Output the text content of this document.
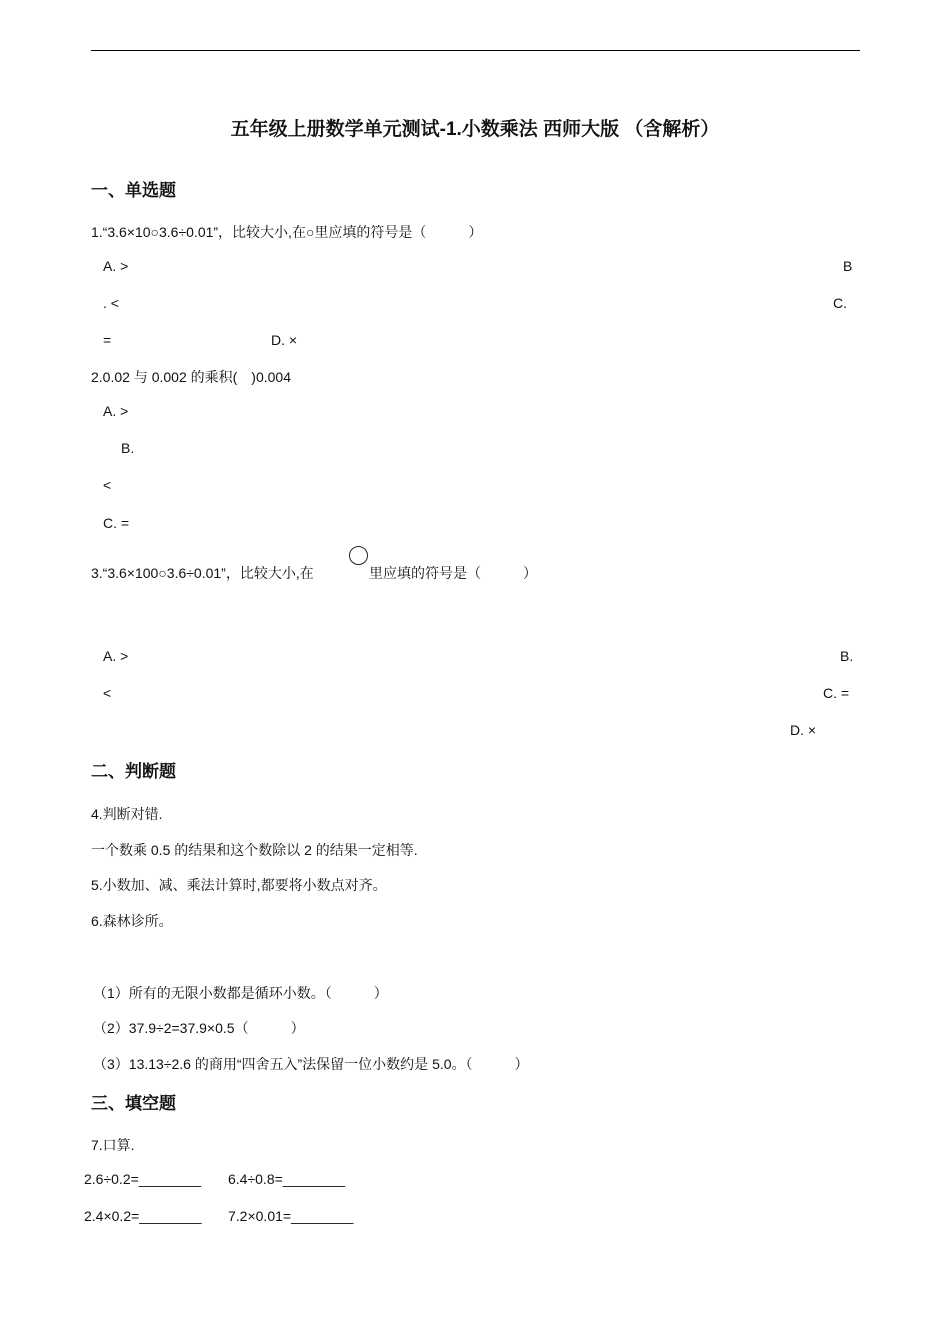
五年级上册数学单元测试-1.小数乘法 西师大版 （含解析）
一、单选题
1.“3.6×10○3.6÷0.01”，比较大小,在○里应填的符号是（　　　）
A. >	B
. <	C.
=	D. ×
2.0.02 与 0.002 的乘积(　)0.004
A. >
B.
<
C. =
3.“3.6×100○3.6÷0.01”，比较大小,在	里应填的符号是（　　　）
A. >	B.
<	C. =
D. ×
二、判断题
4.判断对错.
一个数乘 0.5 的结果和这个数除以 2 的结果一定相等.
5.小数加、减、乘法计算时,都要将小数点对齐。
6.森林诊所。
（1）所有的无限小数都是循环小数。（　　　）
（2）37.9÷2=37.9×0.5（　　　）
（3）13.13÷2.6 的商用“四舍五入”法保留一位小数约是 5.0。（　　　）
三、填空题
7.口算.
2.6÷0.2=________ 6.4÷0.8=________
2.4×0.2=________ 7.2×0.01=________
